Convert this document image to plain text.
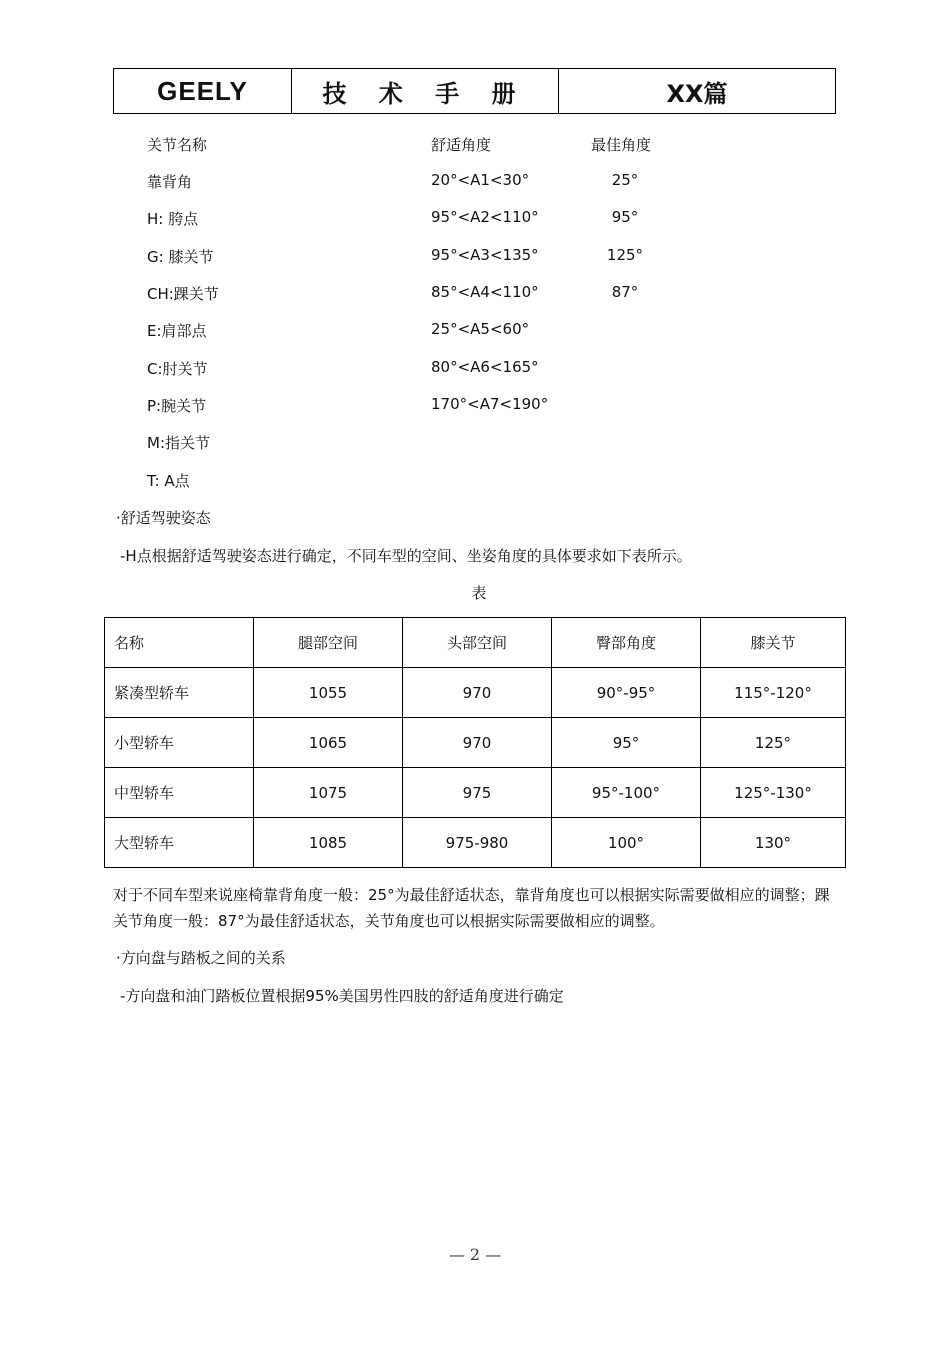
GEELY	技 术 手 册	XX篇
关节名称	舒适角度	最佳角度
靠背角	20°<A1<30°	25°
H: 胯点	95°<A2<110°	95°
G: 膝关节	95°<A3<135°	125°
CH:踝关节	85°<A4<110°	87°
E:肩部点	25°<A5<60°
C:肘关节	80°<A6<165°
P:腕关节	170°<A7<190°
M:指关节
T: A点
·舒适驾驶姿态
-H点根据舒适驾驶姿态进行确定，不同车型的空间、坐姿角度的具体要求如下表所示。
表
名称	腿部空间	头部空间	臀部角度	膝关节
紧凑型轿车	1055	970	90°-95°	115°-120°
小型轿车	1065	970	95°	125°
中型轿车	1075	975	95°-100°	125°-130°
大型轿车	1085	975-980	100°	130°
对于不同车型来说座椅靠背角度一般：25°为最佳舒适状态，靠背角度也可以根据实际需要做相应的调整；踝关节角度一般：87°为最佳舒适状态，关节角度也可以根据实际需要做相应的调整。
·方向盘与踏板之间的关系
-方向盘和油门踏板位置根据95%美国男性四肢的舒适角度进行确定
— 2 —
